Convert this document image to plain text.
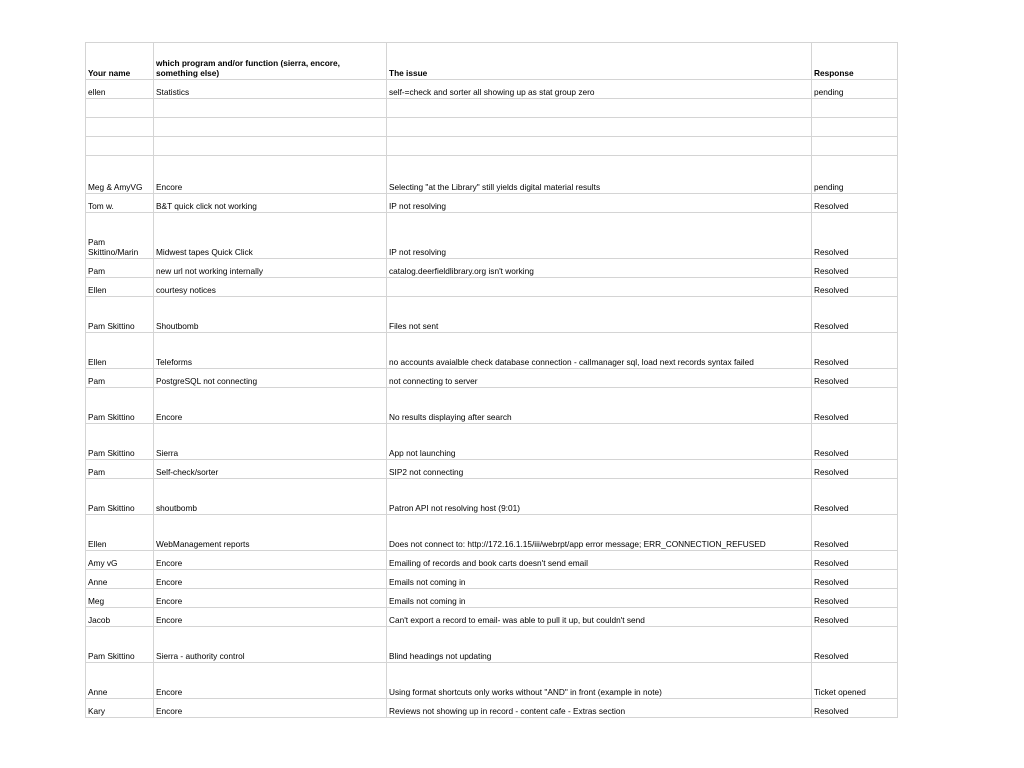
Your name	which program and/or function (sierra, encore, something else)	The issue	Response
ellen	Statistics	self-=check and sorter all showing up as stat group zero	pending

Meg & AmyVG	Encore	Selecting "at the Library" still yields digital material results	pending
Tom w.	B&T quick click not working	IP not resolving	Resolved
Pam Skittino/Marin	Midwest tapes Quick Click	IP not resolving	Resolved
Pam	new url not working internally	catalog.deerfieldlibrary.org isn't working	Resolved
Ellen	courtesy notices		Resolved
Pam Skittino	Shoutbomb	Files not sent	Resolved
Ellen	Teleforms	no accounts avaialble check database connection - callmanager sql, load next records syntax failed	Resolved
Pam	PostgreSQL not connecting	not connecting to server	Resolved
Pam Skittino	Encore	No results displaying after search	Resolved
Pam Skittino	Sierra	App not launching	Resolved
Pam	Self-check/sorter	SIP2 not connecting	Resolved
Pam Skittino	shoutbomb	Patron API not resolving host (9:01)	Resolved
Ellen	WebManagement reports	Does not connect to: http://172.16.1.15/iii/webrpt/app error message; ERR_CONNECTION_REFUSED	Resolved
Amy vG	Encore	Emailing of records and book carts doesn't send email	Resolved
Anne	Encore	Emails not coming in	Resolved
Meg	Encore	Emails not coming in	Resolved
Jacob	Encore	Can't export a record to email- was able to pull it up, but couldn't send	Resolved
Pam Skittino	Sierra - authority control	Blind headings not updating	Resolved
Anne	Encore	Using format shortcuts only works without "AND" in front (example in note)	Ticket opened
Kary	Encore	Reviews not showing up in record - content cafe - Extras section	Resolved
